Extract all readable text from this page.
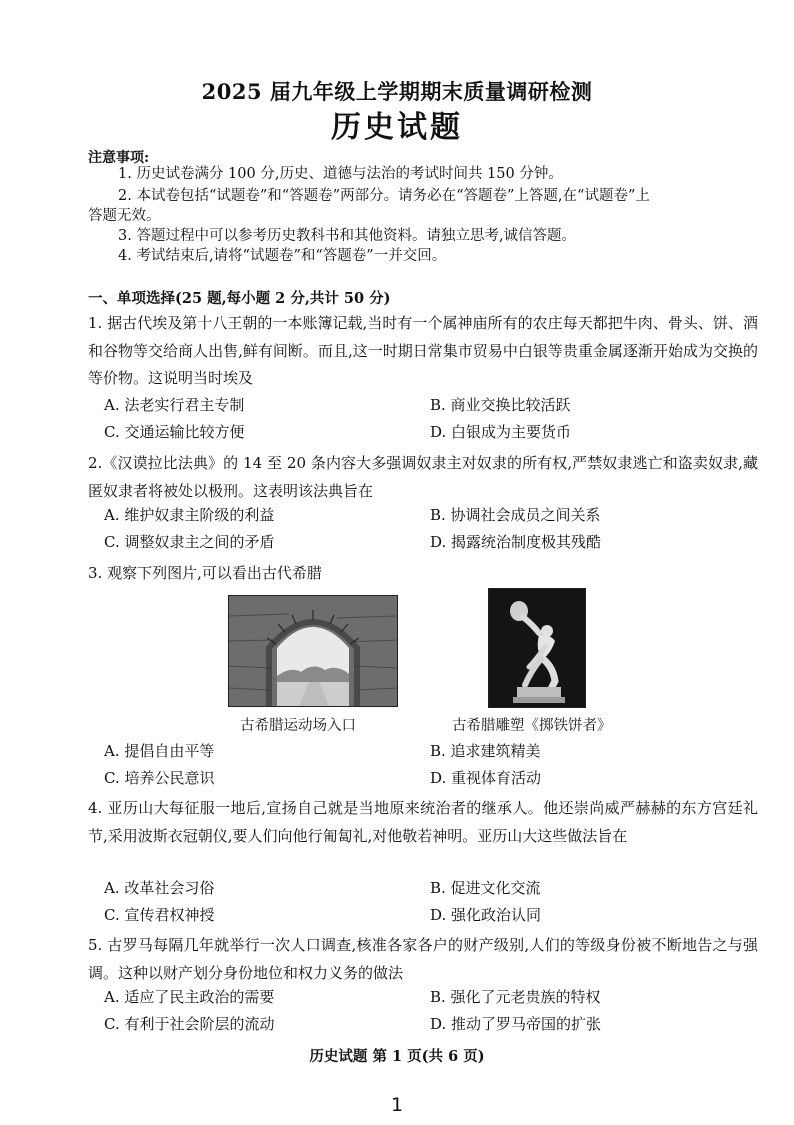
2025 届九年级上学期期末质量调研检测
历史试题
注意事项:
1. 历史试卷满分 100 分,历史、道德与法治的考试时间共 150 分钟。
2. 本试卷包括“试题卷”和“答题卷”两部分。请务必在“答题卷”上答题,在“试题卷”上
答题无效。
3. 答题过程中可以参考历史教科书和其他资料。请独立思考,诚信答题。
4. 考试结束后,请将“试题卷”和“答题卷”一并交回。
一、单项选择(25 题,每小题 2 分,共计 50 分)
1. 据古代埃及第十八王朝的一本账簿记载,当时有一个属神庙所有的农庄每天都把牛肉、骨头、饼、酒和谷物等交给商人出售,鲜有间断。而且,这一时期日常集市贸易中白银等贵重金属逐渐开始成为交换的等价物。这说明当时埃及
A. 法老实行君主专制	B. 商业交换比较活跃
C. 交通运输比较方便	D. 白银成为主要货币
2.《汉谟拉比法典》的 14 至 20 条内容大多强调奴隶主对奴隶的所有权,严禁奴隶逃亡和盗卖奴隶,藏匿奴隶者将被处以极刑。这表明该法典旨在
A. 维护奴隶主阶级的利益	B. 协调社会成员之间关系
C. 调整奴隶主之间的矛盾	D. 揭露统治制度极其残酷
3. 观察下列图片,可以看出古代希腊
古希腊运动场入口	古希腊雕塑《掷铁饼者》
A. 提倡自由平等	B. 追求建筑精美
C. 培养公民意识	D. 重视体育活动
4. 亚历山大每征服一地后,宣扬自己就是当地原来统治者的继承人。他还崇尚威严赫赫的东方宫廷礼节,采用波斯衣冠朝仪,要人们向他行匍匐礼,对他敬若神明。亚历山大这些做法旨在
A. 改革社会习俗	B. 促进文化交流
C. 宣传君权神授	D. 强化政治认同
5. 古罗马每隔几年就举行一次人口调查,核准各家各户的财产级别,人们的等级身份被不断地告之与强调。这种以财产划分身份地位和权力义务的做法
A. 适应了民主政治的需要	B. 强化了元老贵族的特权
C. 有利于社会阶层的流动	D. 推动了罗马帝国的扩张
历史试题 第 1 页(共 6 页)
1
